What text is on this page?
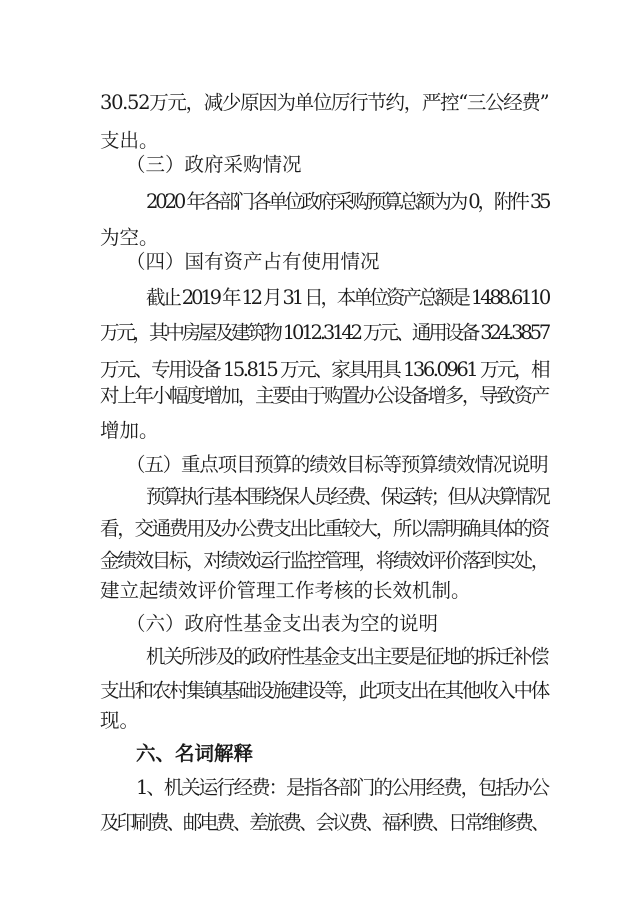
30.52万元，减少原因为单位厉行节约，严控“三公经费”
支出。
（三）政府采购情况
2020 年各部门各单位政府采购预算总额为为 0，附件 35
为空。
（四）国有资产占有使用情况
截止 2019 年 12 月 31 日，本单位资产总额是 1488.6110
万元，其中房屋及建筑物 1012.3142 万元、通用设备 324.3857
万元、专用设备 15.815 万元、家具用具 136.0961 万元，相
对上年小幅度增加，主要由于购置办公设备增多，导致资产
增加。
（五）重点项目预算的绩效目标等预算绩效情况说明
预算执行基本围绕保人员经费、保运转；但从决算情况
看，交通费用及办公费支出比重较大，所以需明确具体的资
金绩效目标，对绩效运行监控管理，将绩效评价落到实处，
建立起绩效评价管理工作考核的长效机制。
（六）政府性基金支出表为空的说明
机关所涉及的政府性基金支出主要是征地的拆迁补偿
支出和农村集镇基础设施建设等，此项支出在其他收入中体
现。
六、名词解释
1、机关运行经费：是指各部门的公用经费，包括办公
及印刷费、邮电费、差旅费、会议费、福利费、日常维修费、
